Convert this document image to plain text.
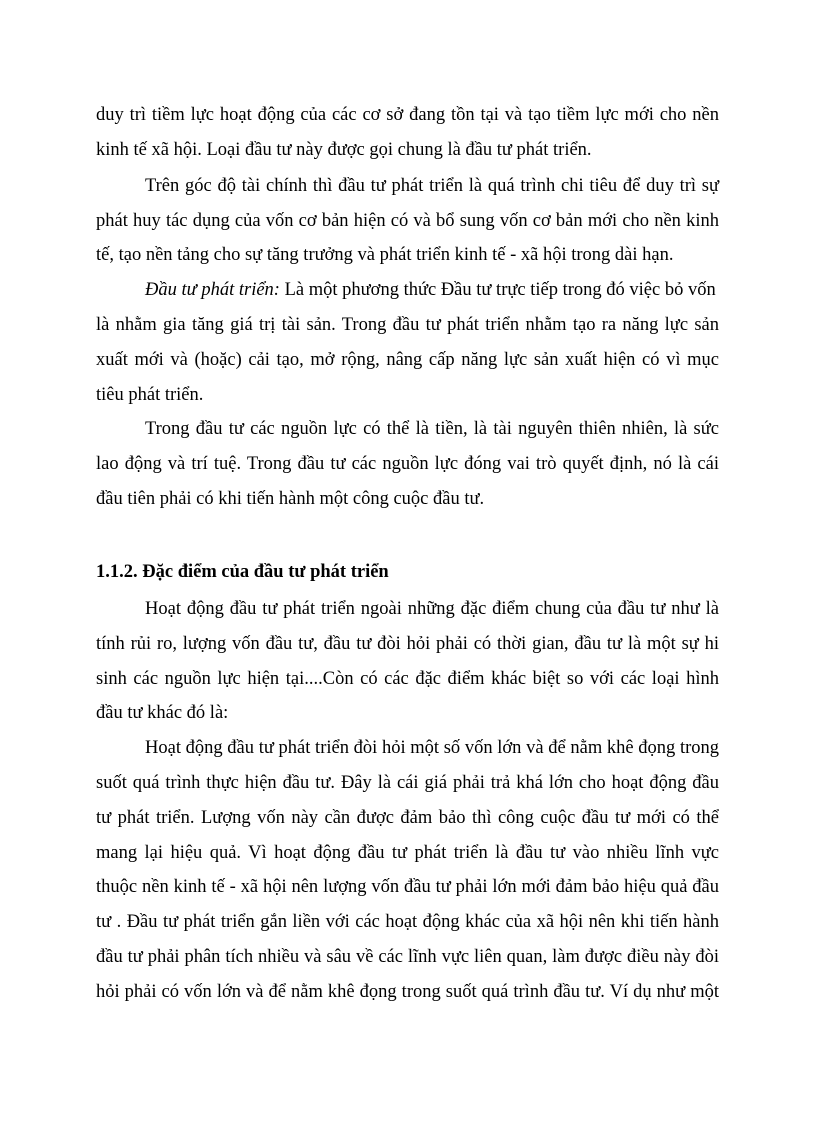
duy trì tiềm lực hoạt động của các cơ sở đang tồn tại và tạo tiềm lực mới cho nền
kinh tế xã hội. Loại đầu tư này được gọi chung là đầu tư phát triển.
Trên góc độ tài chính thì đầu tư phát triển là quá trình chi tiêu để duy trì sự
phát huy tác dụng của vốn cơ bản hiện có và bổ sung vốn cơ bản mới cho nền kinh
tế, tạo nền tảng cho sự tăng trưởng và phát triển kinh tế - xã hội trong dài hạn.
Đầu tư phát triển: Là một phương thức Đầu tư trực tiếp trong đó việc bỏ vốn
là nhằm gia tăng giá trị tài sản. Trong đầu tư phát triển nhằm tạo ra năng lực sản
xuất mới và (hoặc) cải tạo, mở rộng, nâng cấp năng lực sản xuất hiện có vì mục
tiêu phát triển.
Trong đầu tư các nguồn lực có thể là tiền, là tài nguyên thiên nhiên, là sức
lao động và trí tuệ. Trong đầu tư các nguồn lực đóng vai trò quyết định, nó là cái
đầu tiên phải có khi tiến hành một công cuộc đầu tư.
1.1.2. Đặc điểm của đầu tư phát triển
Hoạt động đầu tư phát triển ngoài những đặc điểm chung của đầu tư như là
tính rủi ro, lượng vốn đầu tư, đầu tư đòi hỏi phải có thời gian, đầu tư là một sự hi
sinh các nguồn lực hiện tại....Còn có các đặc điểm khác biệt so với các loại hình
đầu tư khác đó là:
Hoạt động đầu tư phát triển đòi hỏi một số vốn lớn và để nằm khê đọng trong
suốt quá trình thực hiện đầu tư. Đây là cái giá phải trả khá lớn cho hoạt động đầu
tư phát triển. Lượng vốn này cần được đảm bảo thì công cuộc đầu tư mới có thể
mang lại hiệu quả. Vì hoạt động đầu tư phát triển là đầu tư vào nhiều lĩnh vực
thuộc nền kinh tế - xã hội nên lượng vốn đầu tư phải lớn mới đảm bảo hiệu quả đầu
tư . Đầu tư phát triển gắn liền với các hoạt động khác của xã hội nên khi tiến hành
đầu tư phải phân tích nhiều và sâu về các lĩnh vực liên quan, làm được điều này đòi
hỏi phải có vốn lớn và để nằm khê đọng trong suốt quá trình đầu tư. Ví dụ như một
